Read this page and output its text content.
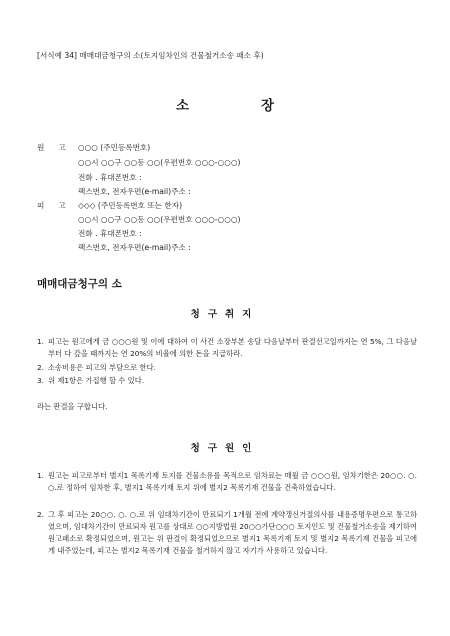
[서식예 34] 매매대금청구의 소(토지임차인의 건물철거소송 패소 후)
소	장
원 고 ○○○ (주민등록번호)
○○시 ○○구 ○○동 ○○(우편번호 ○○○-○○○)
전화 . 휴대폰번호 :
팩스번호, 전자우편(e-mail)주소 :
피 고 ◇◇◇ (주민등록번호 또는 한자)
○○시 ○○구 ○○동 ○○(우편번호 ○○○-○○○)
전화 . 휴대폰번호 :
팩스번호, 전자우편(e-mail)주소 :
매매대금청구의 소
청구취지
1. 피고는 원고에게 금 ○○○원 및 이에 대하여 이 사건 소장부본 송달 다음날부터 판결선고일까지는 연 5%, 그 다음날부터 다 갚을 때까지는 연 20%의 비율에 의한 돈을 지급하라.
2. 소송비용은 피고의 부담으로 한다.
3. 위 제1항은 가집행 할 수 있다.
라는 판결을 구합니다.
청구원인
1. 원고는 피고로부터 별지1 목록기재 토지를 건물소유를 목적으로 임차료는 매월 금 ○○○원, 임차기한은 20○○. ○. ○.로 정하여 임차한 후, 별지1 목록기재 토지 위에 별지2 목록기재 건물을 건축하였습니다.
2. 그 후 피고는 20○○. ○. ○.로 위 임대차기간이 만료되기 1개월 전에 계약갱신거절의사를 내용증명우편으로 통고하였으며, 임대차기간이 만료되자 원고를 상대로 ○○지방법원 20○○가단○○○ 토지인도 및 건물철거소송을 제기하여 원고패소로 확정되었으며, 원고는 위 판결이 확정되었으므로 별지1 목록기재 토지 및 별지2 목록기재 건물을 피고에게 내주었는데, 피고는 별지2 목록기재 건물을 철거하지 않고 자기가 사용하고 있습니다.
